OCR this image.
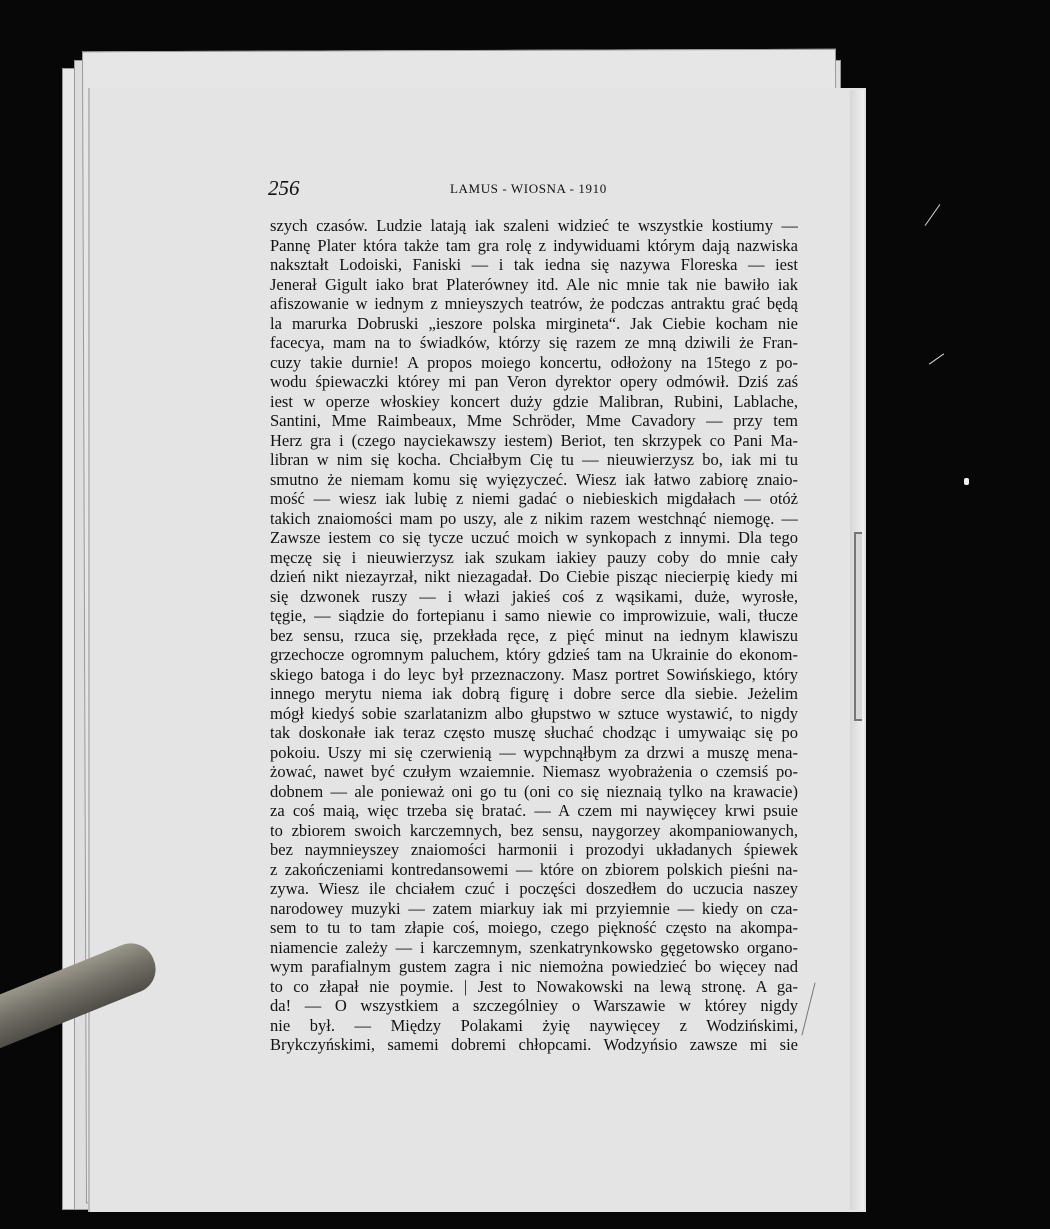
256	LAMUS - WIOSNA - 1910
szych czasów. Ludzie latają iak szaleni widzieć te wszystkie kostiumy —
Pannę Plater która także tam gra rolę z indywiduami którym dają nazwiska
nakształt Lodoiski, Faniski — i tak iedna się nazywa Floreska — iest
Jenerał Gigult iako brat Platerówney itd. Ale nic mnie tak nie bawiło iak
afiszowanie w iednym z mnieyszych teatrów, że podczas antraktu grać będą
la marurka Dobruski „ieszore polska mirgineta“. Jak Ciebie kocham nie
facecya, mam na to świadków, którzy się razem ze mną dziwili że Fran-
cuzy takie durnie! A propos moiego koncertu, odłożony na 15tego z po-
wodu śpiewaczki którey mi pan Veron dyrektor opery odmówił. Dziś zaś
iest w operze włoskiey koncert duży gdzie Malibran, Rubini, Lablache,
Santini, Mme Raimbeaux, Mme Schröder, Mme Cavadory — przy tem
Herz gra i (czego nayciekawszy iestem) Beriot, ten skrzypek co Pani Ma-
libran w nim się kocha. Chciałbym Cię tu — nieuwierzysz bo, iak mi tu
smutno że niemam komu się wyięzyczeć. Wiesz iak łatwo zabiorę znaio-
mość — wiesz iak lubię z niemi gadać o niebieskich migdałach — otóż
takich znaiomości mam po uszy, ale z nikim razem westchnąć niemogę. —
Zawsze iestem co się tycze uczuć moich w synkopach z innymi. Dla tego
męczę się i nieuwierzysz iak szukam iakiey pauzy coby do mnie cały
dzień nikt niezayrzał, nikt niezagadał. Do Ciebie pisząc niecierpię kiedy mi
się dzwonek ruszy — i włazi jakieś coś z wąsikami, duże, wyrosłe,
tęgie, — siądzie do fortepianu i samo niewie co improwizuie, wali, tłucze
bez sensu, rzuca się, przekłada ręce, z pięć minut na iednym klawiszu
grzechocze ogromnym paluchem, który gdzieś tam na Ukrainie do ekonom-
skiego batoga i do leyc był przeznaczony. Masz portret Sowińskiego, który
innego merytu niema iak dobrą figurę i dobre serce dla siebie. Jeżelim
mógł kiedyś sobie szarlatanizm albo głupstwo w sztuce wystawić, to nigdy
tak doskonałe iak teraz często muszę słuchać chodząc i umywaiąc się po
pokoiu. Uszy mi się czerwienią — wypchnąłbym za drzwi a muszę mena-
żować, nawet być czułym wzaiemnie. Niemasz wyobrażenia o czemsiś po-
dobnem — ale ponieważ oni go tu (oni co się nieznaią tylko na krawacie)
za coś maią, więc trzeba się bratać. — A czem mi naywięcey krwi psuie
to zbiorem swoich karczemnych, bez sensu, naygorzey akompaniowanych,
bez naymnieyszey znaiomości harmonii i prozodyi układanych śpiewek
z zakończeniami kontredansowemi — które on zbiorem polskich pieśni na-
zywa. Wiesz ile chciałem czuć i poczęści doszedłem do uczucia naszey
narodowey muzyki — zatem miarkuy iak mi przyiemnie — kiedy on cza-
sem to tu to tam złapie coś, moiego, czego piękność często na akompa-
niamencie zależy — i karczemnym, szenkatrynkowsko gęgetowsko organo-
wym parafialnym gustem zagra i nic niemożna powiedzieć bo więcey nad
to co złapał nie poymie. | Jest to Nowakowski na lewą stronę. A ga-
da! — O wszystkiem a szczególniey o Warszawie w którey nigdy
nie był. — Między Polakami żyię naywięcey z Wodzińskimi,
Brykczyńskimi, samemi dobremi chłopcami. Wodzyńsio zawsze mi sie
